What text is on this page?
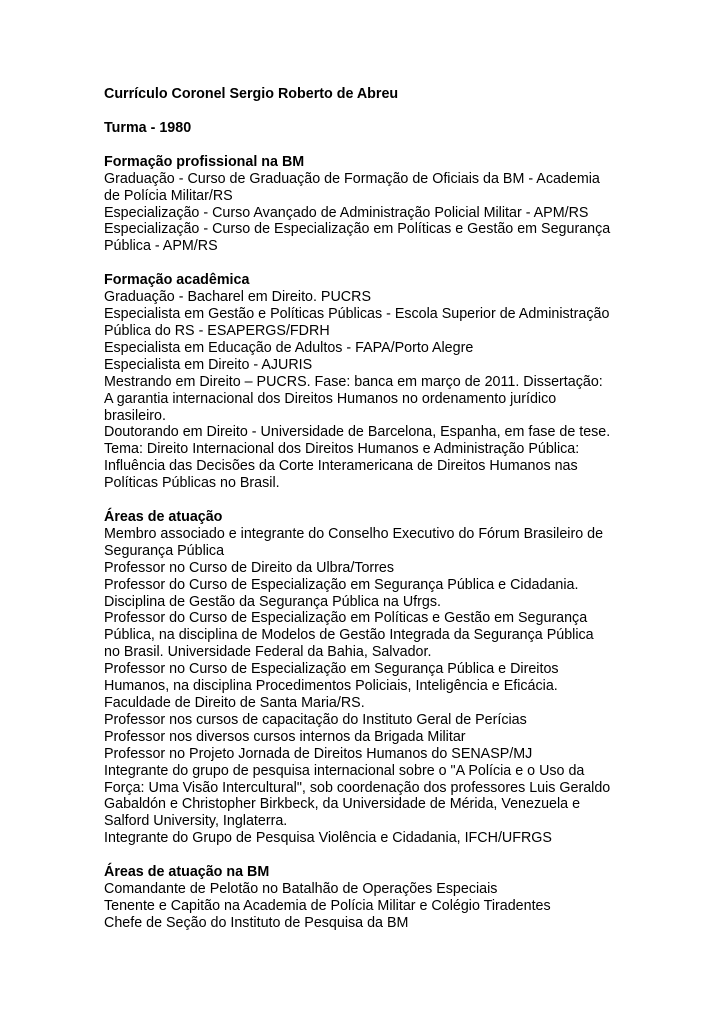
Currículo Coronel Sergio Roberto de Abreu
Turma - 1980
Formação profissional na BM
Graduação - Curso de Graduação de Formação de Oficiais da BM - Academia
de Polícia Militar/RS
Especialização - Curso Avançado de Administração Policial Militar - APM/RS
Especialização - Curso de Especialização em Políticas e Gestão em Segurança
Pública - APM/RS
Formação acadêmica
Graduação - Bacharel em Direito. PUCRS
Especialista em Gestão e Políticas Públicas - Escola Superior de Administração
Pública do RS - ESAPERGS/FDRH
Especialista em Educação de Adultos - FAPA/Porto Alegre
Especialista em Direito - AJURIS
Mestrando em Direito – PUCRS. Fase: banca em março de 2011. Dissertação:
A garantia internacional dos Direitos Humanos no ordenamento jurídico
brasileiro.
Doutorando em Direito - Universidade de Barcelona, Espanha, em fase de tese.
Tema: Direito Internacional dos Direitos Humanos e Administração Pública:
Influência das Decisões da Corte Interamericana de Direitos Humanos nas
Políticas Públicas no Brasil.
Áreas de atuação
Membro associado e integrante do Conselho Executivo do Fórum Brasileiro de
Segurança Pública
Professor no Curso de Direito da Ulbra/Torres
Professor do Curso de Especialização em Segurança Pública e Cidadania.
Disciplina de Gestão da Segurança Pública na Ufrgs.
Professor do Curso de Especialização em Políticas e Gestão em Segurança
Pública, na disciplina de Modelos de Gestão Integrada da Segurança Pública
no Brasil. Universidade Federal da Bahia, Salvador.
Professor no Curso de Especialização em Segurança Pública e Direitos
Humanos, na disciplina Procedimentos Policiais, Inteligência e Eficácia.
Faculdade de Direito de Santa Maria/RS.
Professor nos cursos de capacitação do Instituto Geral de Perícias
Professor nos diversos cursos internos da Brigada Militar
Professor no Projeto Jornada de Direitos Humanos do SENASP/MJ
Integrante do grupo de pesquisa internacional sobre o "A Polícia e o Uso da
Força: Uma Visão Intercultural", sob coordenação dos professores Luis Geraldo
Gabaldón e Christopher Birkbeck, da Universidade de Mérida, Venezuela e
Salford University, Inglaterra.
Integrante do Grupo de Pesquisa Violência e Cidadania, IFCH/UFRGS
Áreas de atuação na BM
Comandante de Pelotão no Batalhão de Operações Especiais
Tenente e Capitão na Academia de Polícia Militar e Colégio Tiradentes
Chefe de Seção do Instituto de Pesquisa da BM
